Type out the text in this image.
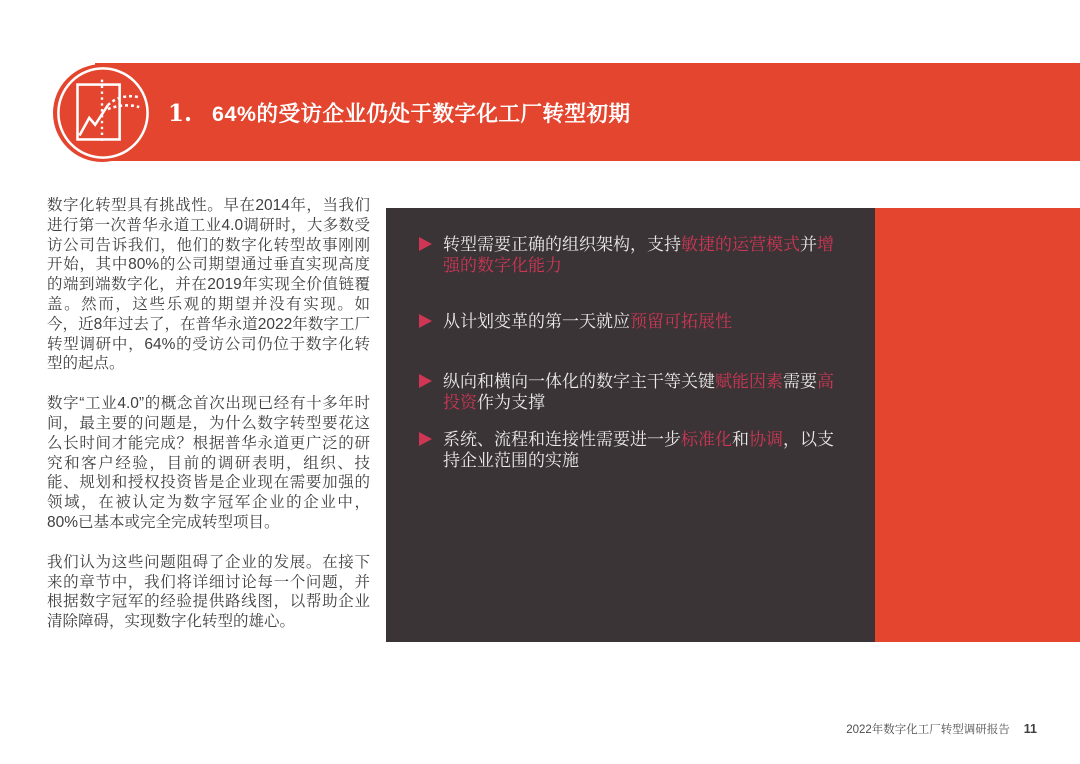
1. 64%的受访企业仍处于数字化工厂转型初期

数字化转型具有挑战性。早在2014年，当我们进行第一次普华永道工业4.0调研时，大多数受访公司告诉我们，他们的数字化转型故事刚刚开始，其中80%的公司期望通过垂直实现高度的端到端数字化，并在2019年实现全价值链覆盖。然而，这些乐观的期望并没有实现。如今，近8年过去了，在普华永道2022年数字工厂转型调研中，64%的受访公司仍位于数字化转型的起点。

数字“工业4.0”的概念首次出现已经有十多年时间，最主要的问题是，为什么数字转型要花这么长时间才能完成？根据普华永道更广泛的研究和客户经验，目前的调研表明，组织、技能、规划和授权投资皆是企业现在需要加强的领域，在被认定为数字冠军企业的企业中，80%已基本或完全完成转型项目。

我们认为这些问题阻碍了企业的发展。在接下来的章节中，我们将详细讨论每一个问题，并根据数字冠军的经验提供路线图，以帮助企业清除障碍，实现数字化转型的雄心。

转型需要正确的组织架构，支持敏捷的运营模式并增强的数字化能力
从计划变革的第一天就应预留可拓展性
纵向和横向一体化的数字主干等关键赋能因素需要高投资作为支撑
系统、流程和连接性需要进一步标准化和协调，以支持企业范围的实施
2022年数字化工厂转型调研报告 11
